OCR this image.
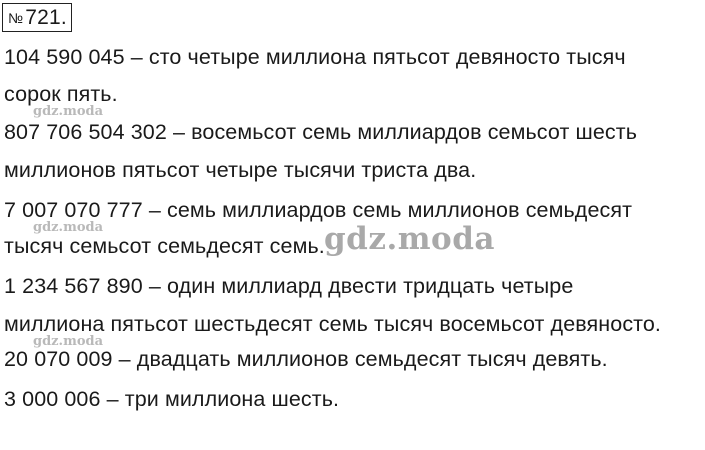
№721.
104 590 045 – сто четыре миллиона пятьсот девяносто тысяч
сорок пять.
807 706 504 302 – восемьсот семь миллиардов семьсот шесть
миллионов пятьсот четыре тысячи триста два.
7 007 070 777 – семь миллиардов семь миллионов семьдесят
тысяч семьсот семьдесят семь.
1 234 567 890 – один миллиард двести тридцать четыре
миллиона пятьсот шестьдесят семь тысяч восемьсот девяносто.
20 070 009 – двадцать миллионов семьдесят тысяч девять.
3 000 006 – три миллиона шесть.
gdz.moda
gdz.moda
gdz.moda
gdz.moda
